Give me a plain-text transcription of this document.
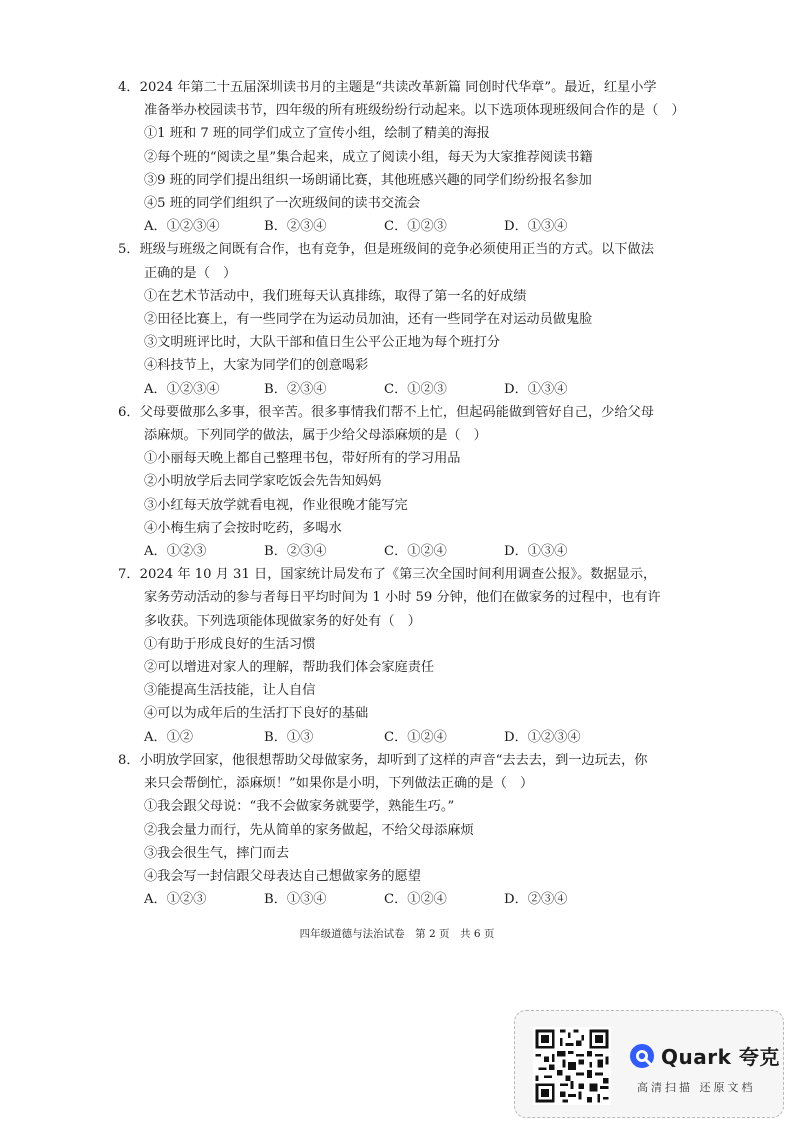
4．2024 年第二十五届深圳读书月的主题是“共读改革新篇 同创时代华章”。最近，红星小学
准备举办校园读书节，四年级的所有班级纷纷行动起来。以下选项体现班级间合作的是（　）
①1 班和 7 班的同学们成立了宣传小组，绘制了精美的海报
②每个班的“阅读之星”集合起来，成立了阅读小组，每天为大家推荐阅读书籍
③9 班的同学们提出组织一场朗诵比赛，其他班感兴趣的同学们纷纷报名参加
④5 班的同学们组织了一次班级间的读书交流会
A．①②③④	B．②③④	C．①②③	D．①③④
5．班级与班级之间既有合作，也有竞争，但是班级间的竞争必须使用正当的方式。以下做法
正确的是（　）
①在艺术节活动中，我们班每天认真排练，取得了第一名的好成绩
②田径比赛上，有一些同学在为运动员加油，还有一些同学在对运动员做鬼脸
③文明班评比时，大队干部和值日生公平公正地为每个班打分
④科技节上，大家为同学们的创意喝彩
A．①②③④	B．②③④	C．①②③	D．①③④
6．父母要做那么多事，很辛苦。很多事情我们帮不上忙，但起码能做到管好自己，少给父母
添麻烦。下列同学的做法，属于少给父母添麻烦的是（　）
①小丽每天晚上都自己整理书包，带好所有的学习用品
②小明放学后去同学家吃饭会先告知妈妈
③小红每天放学就看电视，作业很晚才能写完
④小梅生病了会按时吃药，多喝水
A．①②③	B．②③④	C．①②④	D．①③④
7．2024 年 10 月 31 日，国家统计局发布了《第三次全国时间利用调查公报》。数据显示，
家务劳动活动的参与者每日平均时间为 1 小时 59 分钟，他们在做家务的过程中，也有许
多收获。下列选项能体现做家务的好处有（　）
①有助于形成良好的生活习惯
②可以增进对家人的理解，帮助我们体会家庭责任
③能提高生活技能，让人自信
④可以为成年后的生活打下良好的基础
A．①②	B．①③	C．①②④	D．①②③④
8．小明放学回家，他很想帮助父母做家务，却听到了这样的声音“去去去，到一边玩去，你
来只会帮倒忙，添麻烦！”如果你是小明，下列做法正确的是（　）
①我会跟父母说：“我不会做家务就要学，熟能生巧。”
②我会量力而行，先从简单的家务做起，不给父母添麻烦
③我会很生气，摔门而去
④我会写一封信跟父母表达自己想做家务的愿望
A．①②③	B．①③④	C．①②④	D．②③④
四年级道德与法治试卷　第 2 页　共 6 页
Quark 夸克
高清扫描 还原文档
